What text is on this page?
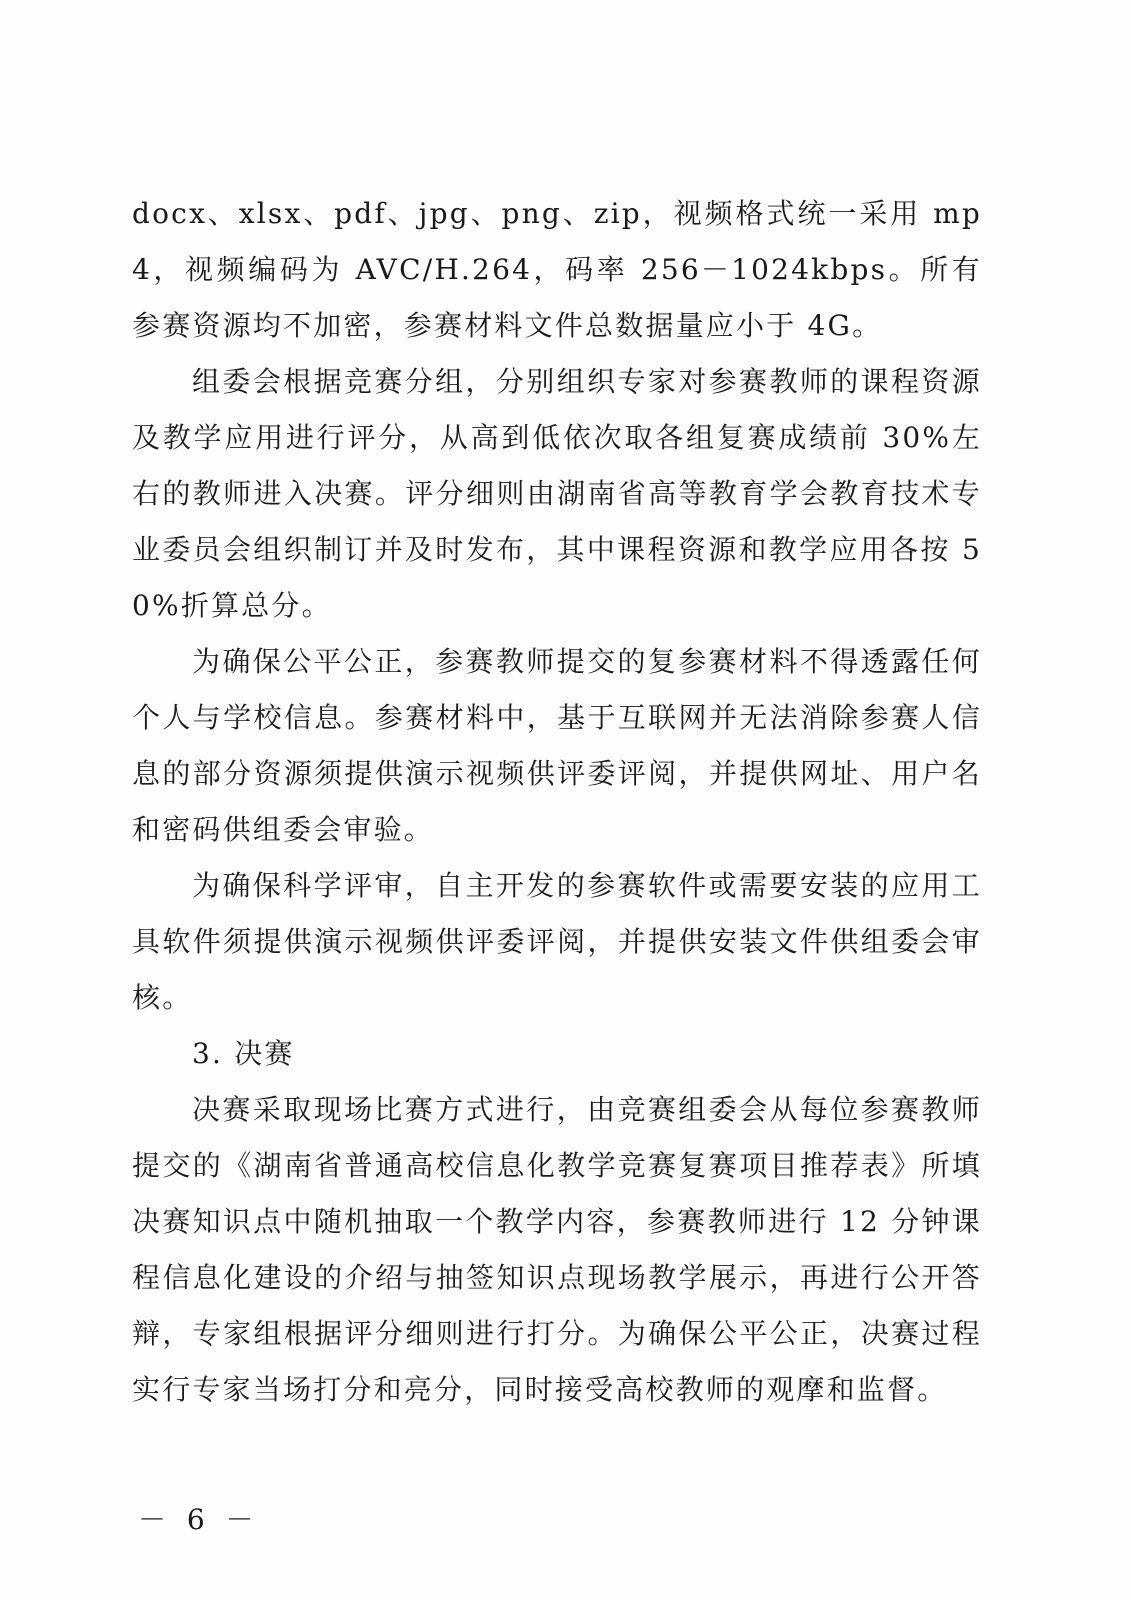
docx、xlsx、pdf、jpg、png、zip，视频格式统一采用 mp4，视频编码为 AVC/H.264，码率 256－1024kbps。所有参赛资源均不加密，参赛材料文件总数据量应小于 4G。

组委会根据竞赛分组，分别组织专家对参赛教师的课程资源及教学应用进行评分，从高到低依次取各组复赛成绩前 30%左右的教师进入决赛。评分细则由湖南省高等教育学会教育技术专业委员会组织制订并及时发布，其中课程资源和教学应用各按 50%折算总分。

为确保公平公正，参赛教师提交的复参赛材料不得透露任何个人与学校信息。参赛材料中，基于互联网并无法消除参赛人信息的部分资源须提供演示视频供评委评阅，并提供网址、用户名和密码供组委会审验。

为确保科学评审，自主开发的参赛软件或需要安装的应用工具软件须提供演示视频供评委评阅，并提供安装文件供组委会审核。

3. 决赛

决赛采取现场比赛方式进行，由竞赛组委会从每位参赛教师提交的《湖南省普通高校信息化教学竞赛复赛项目推荐表》所填决赛知识点中随机抽取一个教学内容，参赛教师进行 12 分钟课程信息化建设的介绍与抽签知识点现场教学展示，再进行公开答辩，专家组根据评分细则进行打分。为确保公平公正，决赛过程实行专家当场打分和亮分，同时接受高校教师的观摩和监督。

－ 6 －
